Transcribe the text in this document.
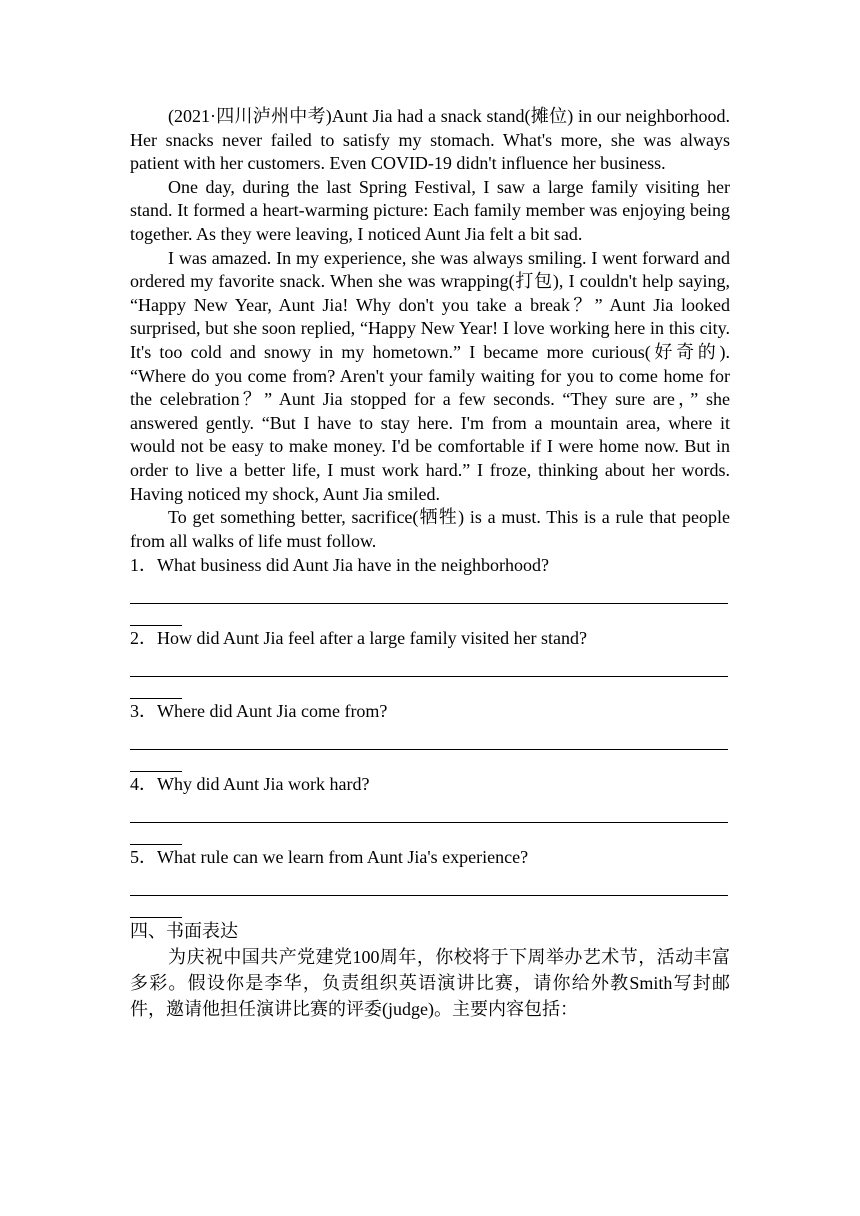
(2021·四川泸州中考)Aunt Jia had a snack stand(摊位) in our neighborhood. Her snacks never failed to satisfy my stomach. What's more, she was always patient with her customers. Even COVID-19 didn't influence her business.

One day, during the last Spring Festival, I saw a large family visiting her stand. It formed a heart-warming picture: Each family member was enjoying being together. As they were leaving, I noticed Aunt Jia felt a bit sad.

I was amazed. In my experience, she was always smiling. I went forward and ordered my favorite snack. When she was wrapping(打包), I couldn't help saying, “Happy New Year, Aunt Jia! Why don't you take a break？” Aunt Jia looked surprised, but she soon replied, “Happy New Year! I love working here in this city. It's too cold and snowy in my hometown.” I became more curious(好奇的). “Where do you come from? Aren't your family waiting for you to come home for the celebration？” Aunt Jia stopped for a few seconds. “They sure are，” she answered gently. “But I have to stay here. I'm from a mountain area, where it would not be easy to make money. I'd be comfortable if I were home now. But in order to live a better life, I must work hard.” I froze, thinking about her words. Having noticed my shock, Aunt Jia smiled.

To get something better, sacrifice(牺牲) is a must. This is a rule that people from all walks of life must follow.

1．What business did Aunt Jia have in the neighborhood?

2．How did Aunt Jia feel after a large family visited her stand?

3．Where did Aunt Jia come from?

4．Why did Aunt Jia work hard?

5．What rule can we learn from Aunt Jia's experience?

四、书面表达

为庆祝中国共产党建党100周年，你校将于下周举办艺术节，活动丰富多彩。假设你是李华，负责组织英语演讲比赛，请你给外教Smith写封邮件，邀请他担任演讲比赛的评委(judge)。主要内容包括：
